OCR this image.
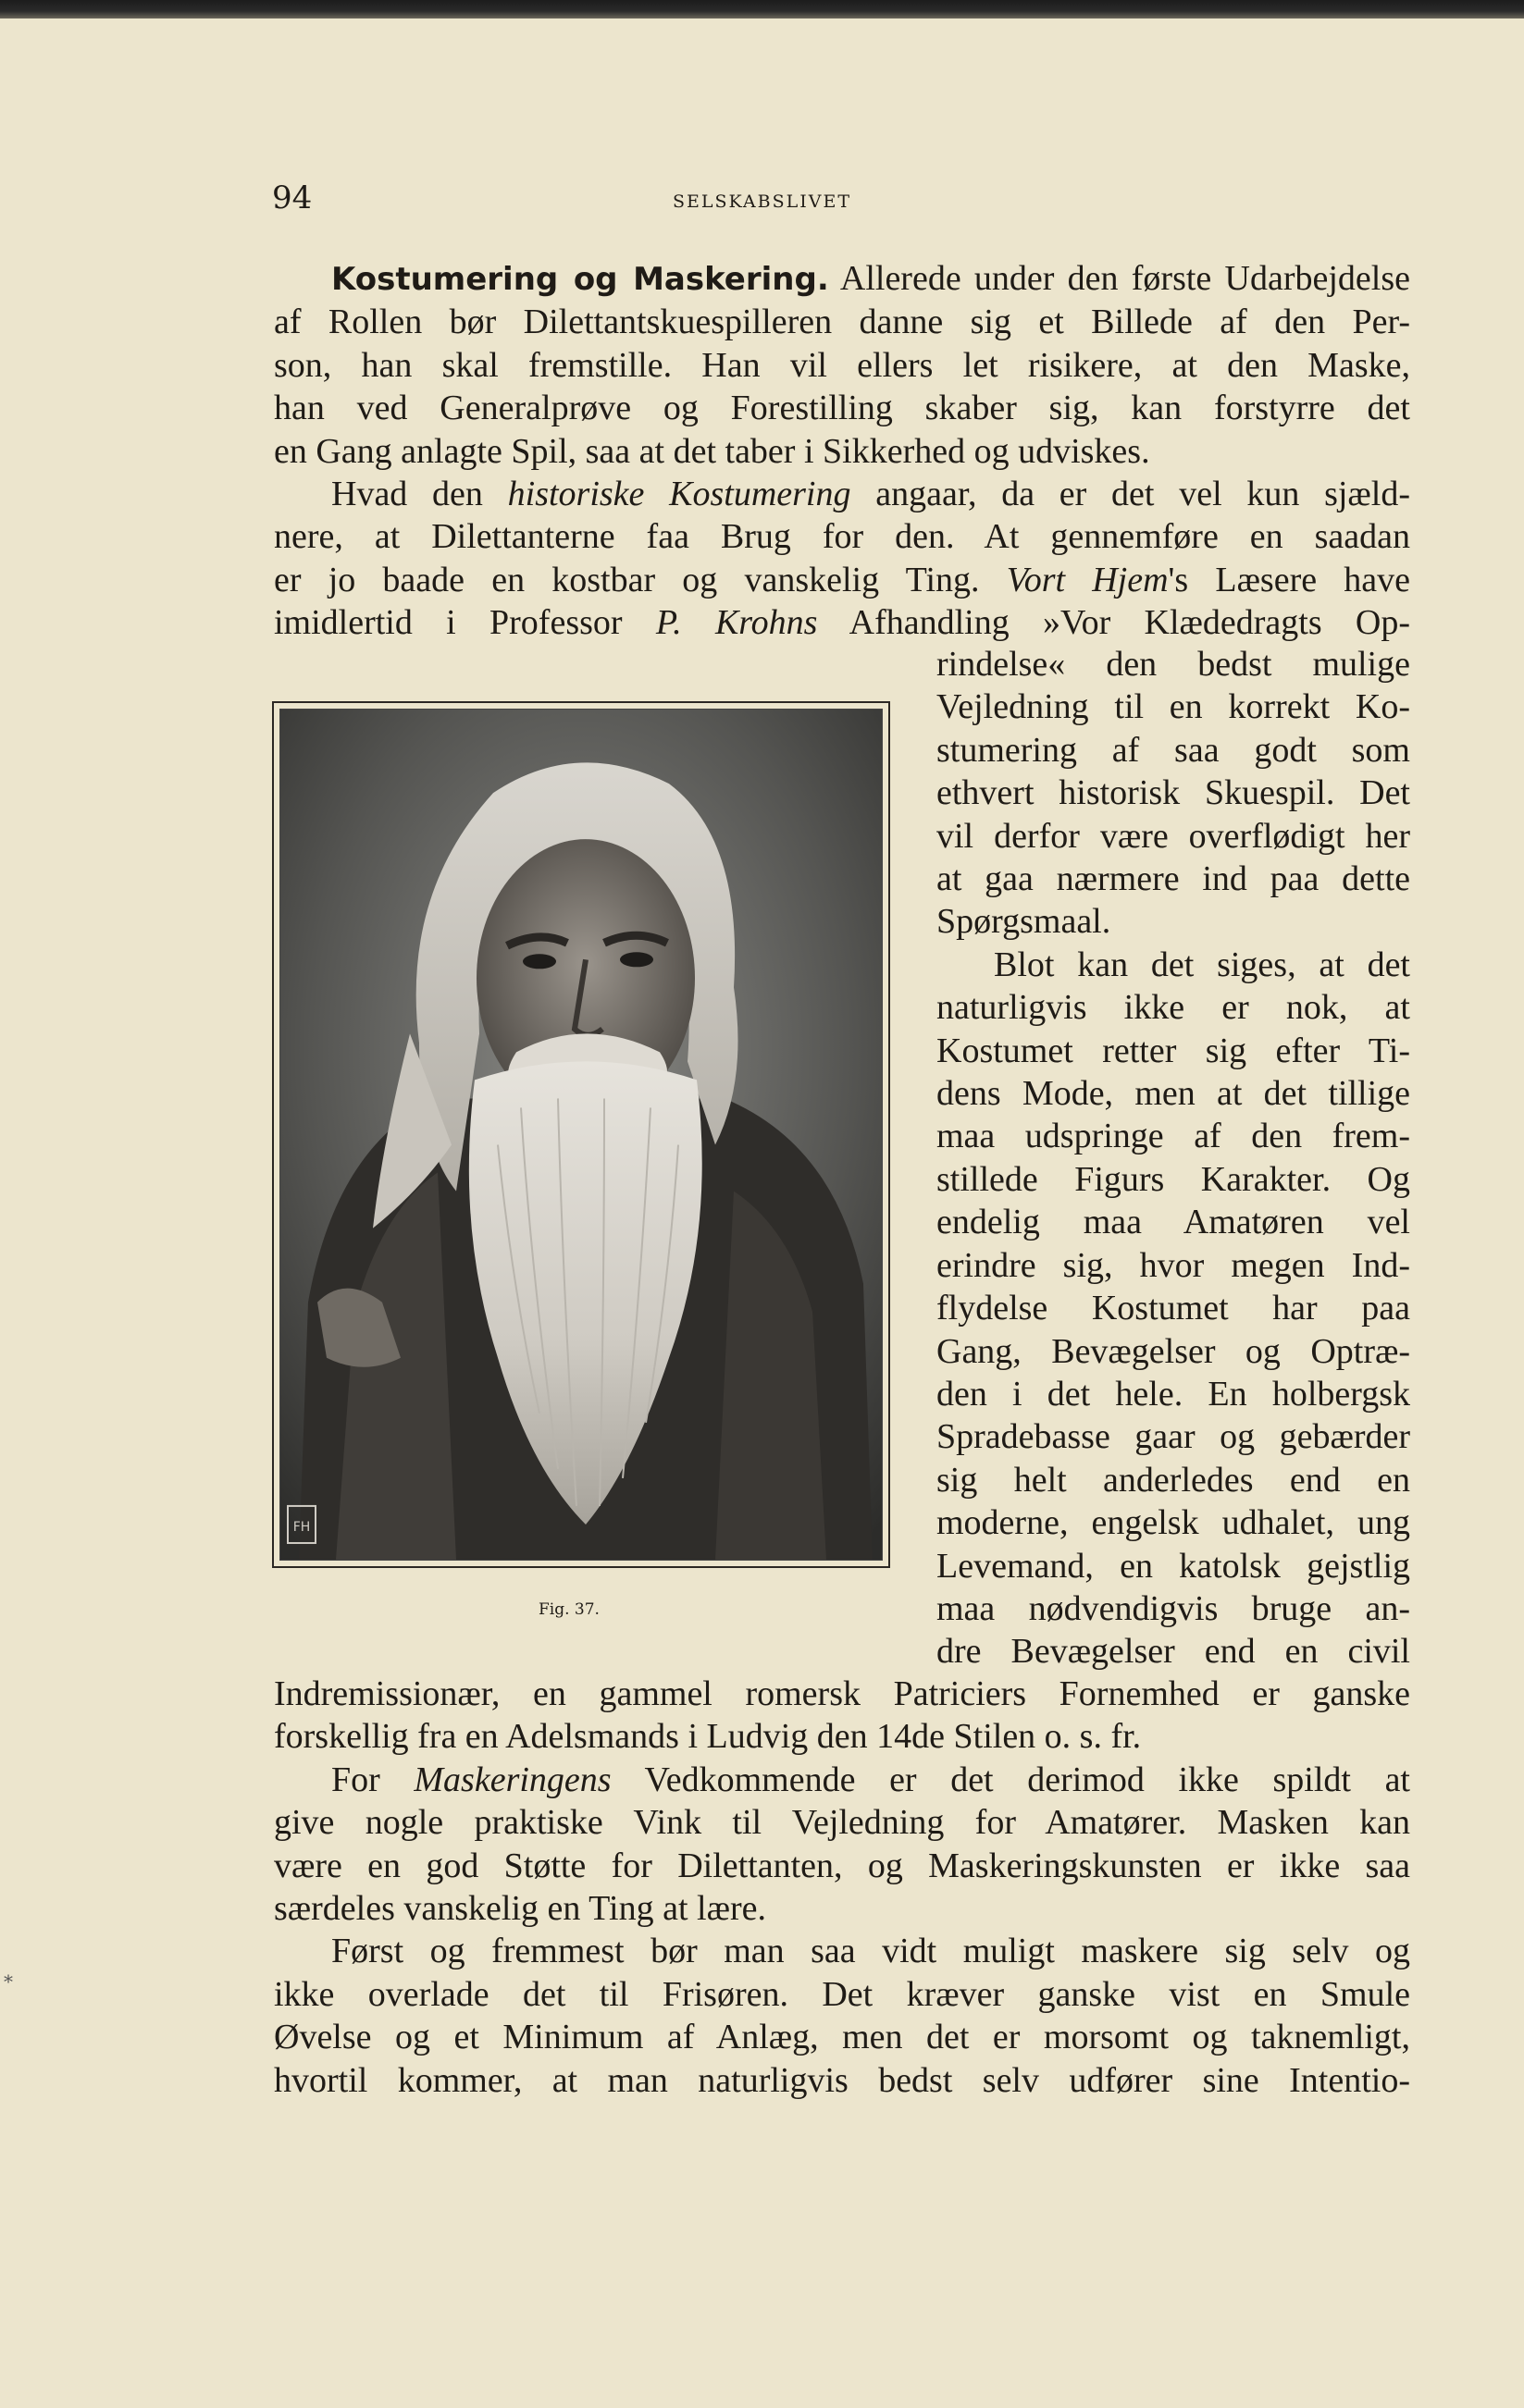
94	SELSKABSLIVET
Kostumering og Maskering. Allerede under den første Udarbejdelse
af Rollen bør Dilettantskuespilleren danne sig et Billede af den Per-
son, han skal fremstille. Han vil ellers let risikere, at den Maske,
han ved Generalprøve og Forestilling skaber sig, kan forstyrre det
en Gang anlagte Spil, saa at det taber i Sikkerhed og udviskes.
Hvad den historiske Kostumering angaar, da er det vel kun sjæld-
nere, at Dilettanterne faa Brug for den. At gennemføre en saadan
er jo baade en kostbar og vanskelig Ting. Vort Hjem's Læsere have
imidlertid i Professor P. Krohns Afhandling »Vor Klædedragts Op-
rindelse« den bedst mulige
Vejledning til en korrekt Ko-
stumering af saa godt som
ethvert historisk Skuespil. Det
vil derfor være overflødigt her
at gaa nærmere ind paa dette
Spørgsmaal.
Blot kan det siges, at det
naturligvis ikke er nok, at
Kostumet retter sig efter Ti-
dens Mode, men at det tillige
maa udspringe af den frem-
stillede Figurs Karakter. Og
endelig maa Amatøren vel
erindre sig, hvor megen Ind-
flydelse Kostumet har paa
Gang, Bevægelser og Optræ-
den i det hele. En holbergsk
Spradebasse gaar og gebærder
sig helt anderledes end en
moderne, engelsk udhalet, ung
Levemand, en katolsk gejstlig
maa nødvendigvis bruge an-
dre Bevægelser end en civil
FH
Fig. 37.
Indremissionær, en gammel romersk Patriciers Fornemhed er ganske
forskellig fra en Adelsmands i Ludvig den 14de Stilen o. s. fr.
For Maskeringens Vedkommende er det derimod ikke spildt at
give nogle praktiske Vink til Vejledning for Amatører. Masken kan
være en god Støtte for Dilettanten, og Maskeringskunsten er ikke saa
særdeles vanskelig en Ting at lære.
Først og fremmest bør man saa vidt muligt maskere sig selv og
ikke overlade det til Frisøren. Det kræver ganske vist en Smule
Øvelse og et Minimum af Anlæg, men det er morsomt og taknemligt,
hvortil kommer, at man naturligvis bedst selv udfører sine Intentio-
*
